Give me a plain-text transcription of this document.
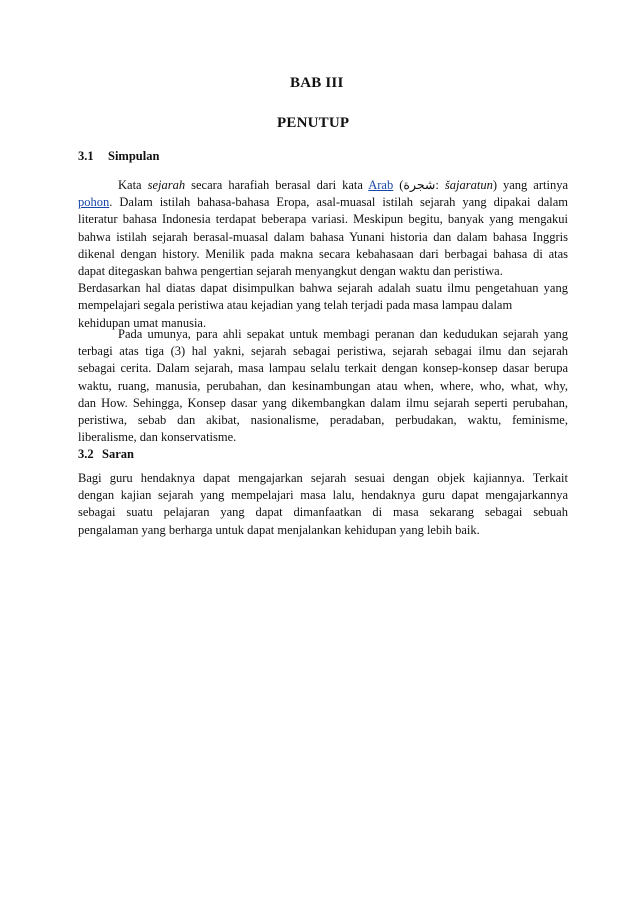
BAB III
PENUTUP
3.1 Simpulan
Kata sejarah secara harafiah berasal dari kata Arab (شجرة: šajaratun) yang artinya
pohon. Dalam istilah bahasa-bahasa Eropa, asal-muasal istilah sejarah yang dipakai dalam
literatur bahasa Indonesia terdapat beberapa variasi. Meskipun begitu, banyak yang mengakui
bahwa istilah sejarah berasal-muasal dalam bahasa Yunani historia dan dalam bahasa Inggris
dikenal dengan history. Menilik pada makna secara kebahasaan dari berbagai bahasa di atas
dapat ditegaskan bahwa pengertian sejarah menyangkut dengan waktu dan peristiwa.
Berdasarkan hal diatas dapat disimpulkan bahwa sejarah adalah suatu ilmu pengetahuan yang
mempelajari segala peristiwa atau kejadian yang telah terjadi pada masa lampau dalam
kehidupan umat manusia.
Pada umunya, para ahli sepakat untuk membagi peranan dan kedudukan sejarah yang
terbagi atas tiga (3) hal yakni, sejarah sebagai peristiwa, sejarah sebagai ilmu dan sejarah
sebagai cerita. Dalam sejarah, masa lampau selalu terkait dengan konsep-konsep dasar berupa
waktu, ruang, manusia, perubahan, dan kesinambungan atau when, where, who, what, why,
dan How. Sehingga, Konsep dasar yang dikembangkan dalam ilmu sejarah seperti perubahan,
peristiwa, sebab dan akibat, nasionalisme, peradaban, perbudakan, waktu, feminisme,
liberalisme, dan konservatisme.
3.2 Saran
Bagi guru hendaknya dapat mengajarkan sejarah sesuai dengan objek kajiannya. Terkait
dengan kajian sejarah yang mempelajari masa lalu, hendaknya guru dapat mengajarkannya
sebagai suatu pelajaran yang dapat dimanfaatkan di masa sekarang sebagai sebuah
pengalaman yang berharga untuk dapat menjalankan kehidupan yang lebih baik.
